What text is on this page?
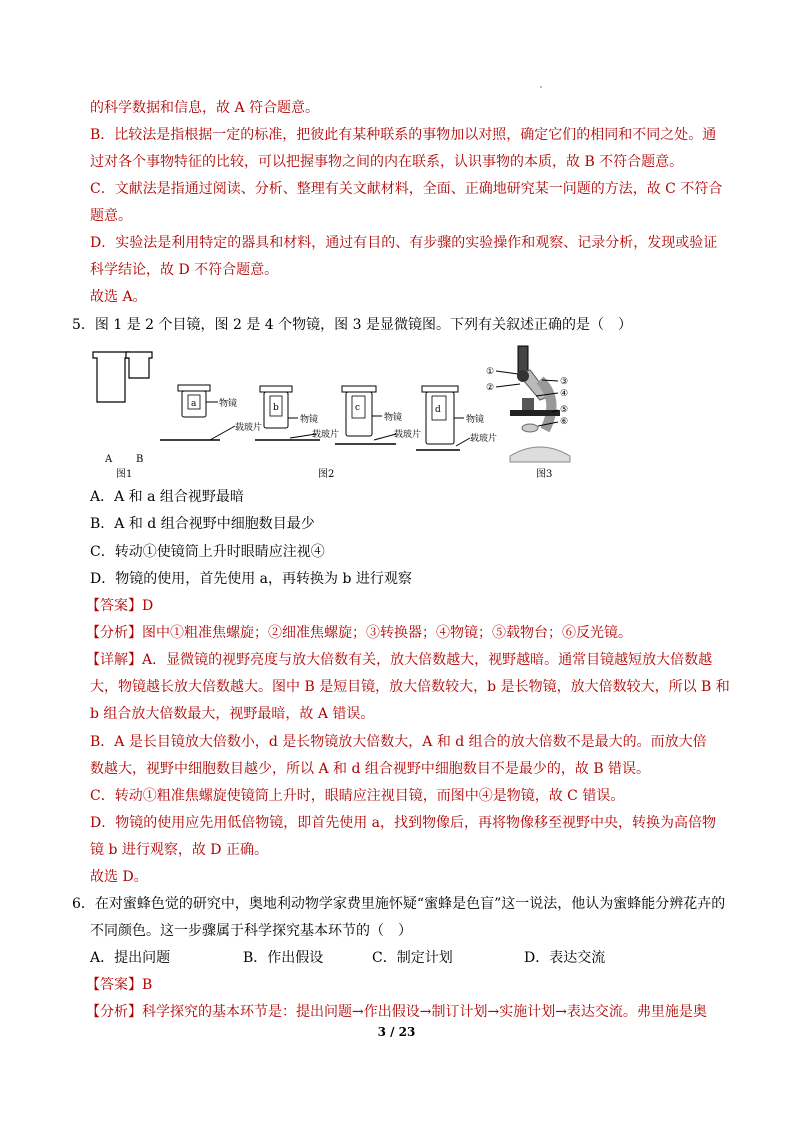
的科学数据和信息，故 A 符合题意。
B．比较法是指根据一定的标准，把彼此有某种联系的事物加以对照，确定它们的相同和不同之处。通
过对各个事物特征的比较，可以把握事物之间的内在联系，认识事物的本质，故 B 不符合题意。
C．文献法是指通过阅读、分析、整理有关文献材料，全面、正确地研究某一问题的方法，故 C 不符合
题意。
D．实验法是利用特定的器具和材料，通过有目的、有步骤的实验操作和观察、记录分析，发现或验证
科学结论，故 D 不符合题意。
故选 A。
5．图 1 是 2 个目镜，图 2 是 4 个物镜，图 3 是显微镜图。下列有关叙述正确的是（　）
A B
图1
a	物镜
载玻片
b
物镜
载玻片
图2
c
物镜
载玻片
d
物镜
载玻片
①
②
③
④
⑤
⑥
图3
A．A 和 a 组合视野最暗
B．A 和 d 组合视野中细胞数目最少
C．转动①使镜筒上升时眼睛应注视④
D．物镜的使用，首先使用 a，再转换为 b 进行观察
【答案】D
【分析】图中①粗准焦螺旋；②细准焦螺旋；③转换器；④物镜；⑤载物台；⑥反光镜。
【详解】A．显微镜的视野亮度与放大倍数有关，放大倍数越大，视野越暗。通常目镜越短放大倍数越
大，物镜越长放大倍数越大。图中 B 是短目镜，放大倍数较大，b 是长物镜，放大倍数较大，所以 B 和
b 组合放大倍数最大，视野最暗，故 A 错误。
B．A 是长目镜放大倍数小，d 是长物镜放大倍数大，A 和 d 组合的放大倍数不是最大的。而放大倍
数越大，视野中细胞数目越少，所以 A 和 d 组合视野中细胞数目不是最少的，故 B 错误。
C．转动①粗准焦螺旋使镜筒上升时，眼睛应注视目镜，而图中④是物镜，故 C 错误。
D．物镜的使用应先用低倍物镜，即首先使用 a，找到物像后，再将物像移至视野中央，转换为高倍物
镜 b 进行观察，故 D 正确。
故选 D。
6．在对蜜蜂色觉的研究中，奥地利动物学家费里施怀疑“蜜蜂是色盲”这一说法，他认为蜜蜂能分辨花卉的
不同颜色。这一步骤属于科学探究基本环节的（　）
A．提出问题	B．作出假设	C．制定计划	D．表达交流
【答案】B
【分析】科学探究的基本环节是：提出问题→作出假设→制订计划→实施计划→表达交流。弗里施是奥
3 / 23
